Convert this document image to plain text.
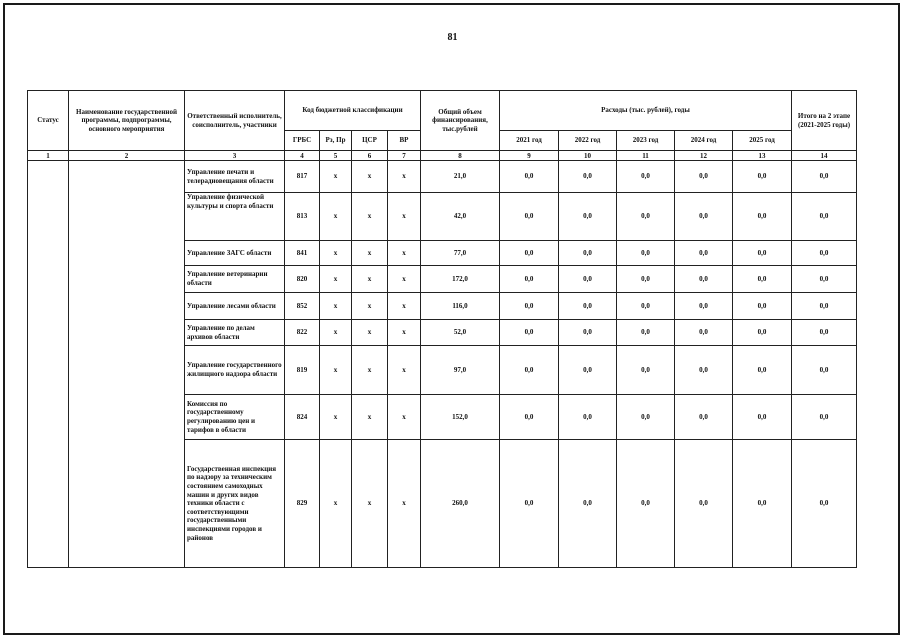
81
Статус	Наименование государственной программы, подпрограммы, основного мероприятия	Ответственный исполнитель, соисполнитель, участники	Код бюджетной классификации				Общий объем финансирования, тыс.рублей	Расходы (тыс. рублей), годы					Итого на 2 этапе (2021-2025 годы)
			ГРБС	Рз, Пр	ЦСР	ВР		2021 год	2022 год	2023 год	2024 год	2025 год	
1	2	3	4	5	6	7	8	9	10	11	12	13	14
		Управление печати и телерадиовещания области	817	x	x	x	21,0	0,0	0,0	0,0	0,0	0,0	0,0
		Управление физической культуры и спорта области	813	x	x	x	42,0	0,0	0,0	0,0	0,0	0,0	0,0
		Управление ЗАГС области	841	x	x	x	77,0	0,0	0,0	0,0	0,0	0,0	0,0
		Управление ветеринарии области	820	x	x	x	172,0	0,0	0,0	0,0	0,0	0,0	0,0
		Управление лесами области	852	x	x	x	116,0	0,0	0,0	0,0	0,0	0,0	0,0
		Управление по делам архивов области	822	x	x	x	52,0	0,0	0,0	0,0	0,0	0,0	0,0
		Управление государственного жилищного надзора области	819	x	x	x	97,0	0,0	0,0	0,0	0,0	0,0	0,0
		Комиссия по государственному регулированию цен и тарифов в области	824	x	x	x	152,0	0,0	0,0	0,0	0,0	0,0	0,0
		Государственная инспекция по надзору за техническим состоянием самоходных машин и других видов техники области с соответствующими государственными инспекциями городов и районов	829	x	x	x	260,0	0,0	0,0	0,0	0,0	0,0	0,0
